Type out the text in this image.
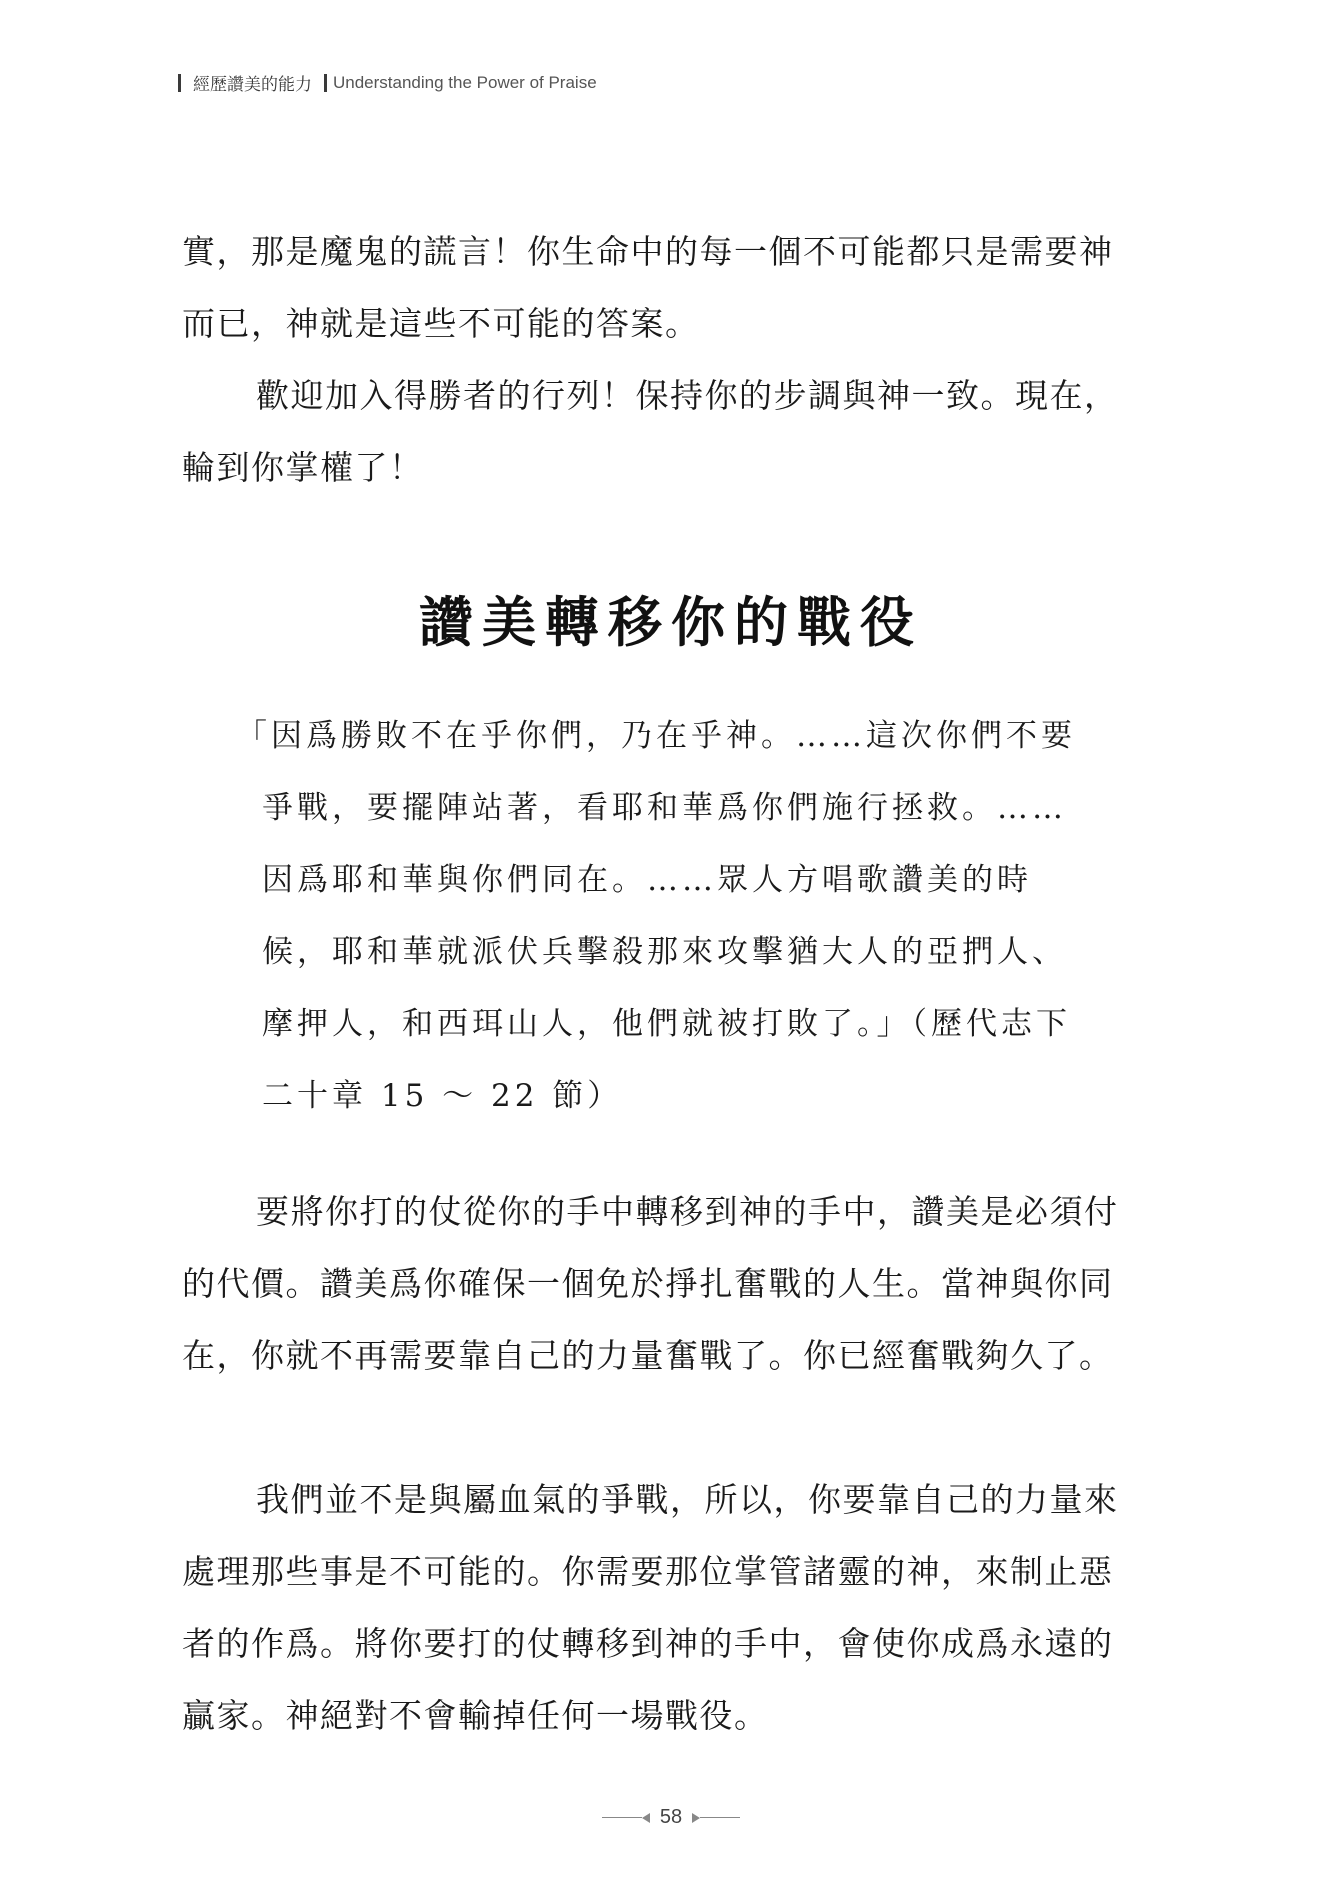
經歷讚美的能力 Understanding the Power of Praise

實，那是魔鬼的謊言！你生命中的每一個不可能都只是需要神而已，神就是這些不可能的答案。

歡迎加入得勝者的行列！保持你的步調與神一致。現在，輪到你掌權了！

讚美轉移你的戰役

「因爲勝敗不在乎你們，乃在乎神。……這次你們不要爭戰，要擺陣站著，看耶和華爲你們施行拯救。……因爲耶和華與你們同在。……眾人方唱歌讚美的時候，耶和華就派伏兵擊殺那來攻擊猶大人的亞捫人、摩押人，和西珥山人，他們就被打敗了。」（歷代志下二十章 15 ～ 22 節）

要將你打的仗從你的手中轉移到神的手中，讚美是必須付的代價。讚美爲你確保一個免於掙扎奮戰的人生。當神與你同在，你就不再需要靠自己的力量奮戰了。你已經奮戰夠久了。

我們並不是與屬血氣的爭戰，所以，你要靠自己的力量來處理那些事是不可能的。你需要那位掌管諸靈的神，來制止惡者的作爲。將你要打的仗轉移到神的手中，會使你成爲永遠的贏家。神絕對不會輸掉任何一場戰役。

58
